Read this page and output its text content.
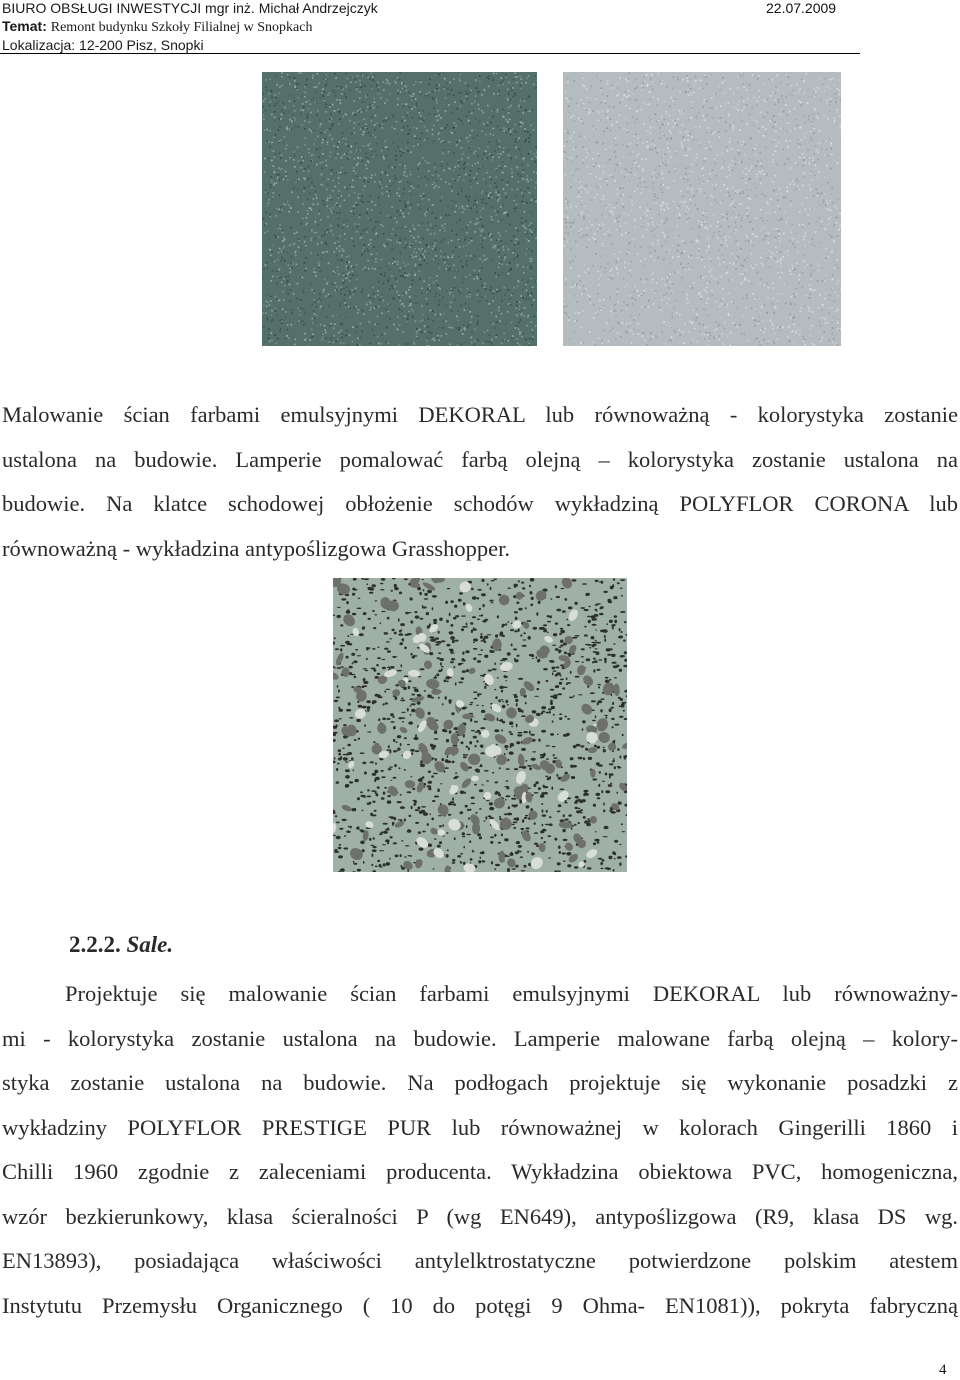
BIURO OBSŁUGI INWESTYCJI mgr inż. Michał Andrzejczyk	22.07.2009
Temat: Remont budynku Szkoły Filialnej w Snopkach
Lokalizacja: 12-200 Pisz, Snopki
Malowanie ścian farbami emulsyjnymi DEKORAL lub równoważną - kolorystyka zostanie
ustalona na budowie. Lamperie pomalować farbą olejną – kolorystyka zostanie ustalona na
budowie. Na klatce schodowej obłożenie schodów wykładziną POLYFLOR CORONA lub
równoważną - wykładzina antypoślizgowa Grasshopper.
2.2.2. Sale.
Projektuje się malowanie ścian farbami emulsyjnymi DEKORAL lub równoważny-
mi - kolorystyka zostanie ustalona na budowie. Lamperie malowane farbą olejną – kolory-
styka zostanie ustalona na budowie. Na podłogach projektuje się wykonanie posadzki z
wykładziny POLYFLOR PRESTIGE PUR lub równoważnej w kolorach Gingerilli 1860 i
Chilli 1960 zgodnie z zaleceniami producenta. Wykładzina obiektowa PVC, homogeniczna,
wzór bezkierunkowy, klasa ścieralności P (wg EN649), antypoślizgowa (R9, klasa DS wg.
EN13893), posiadająca właściwości antylelktrostatyczne potwierdzone polskim atestem
Instytutu Przemysłu Organicznego ( 10 do potęgi 9 Ohma- EN1081)), pokryta fabryczną
4
